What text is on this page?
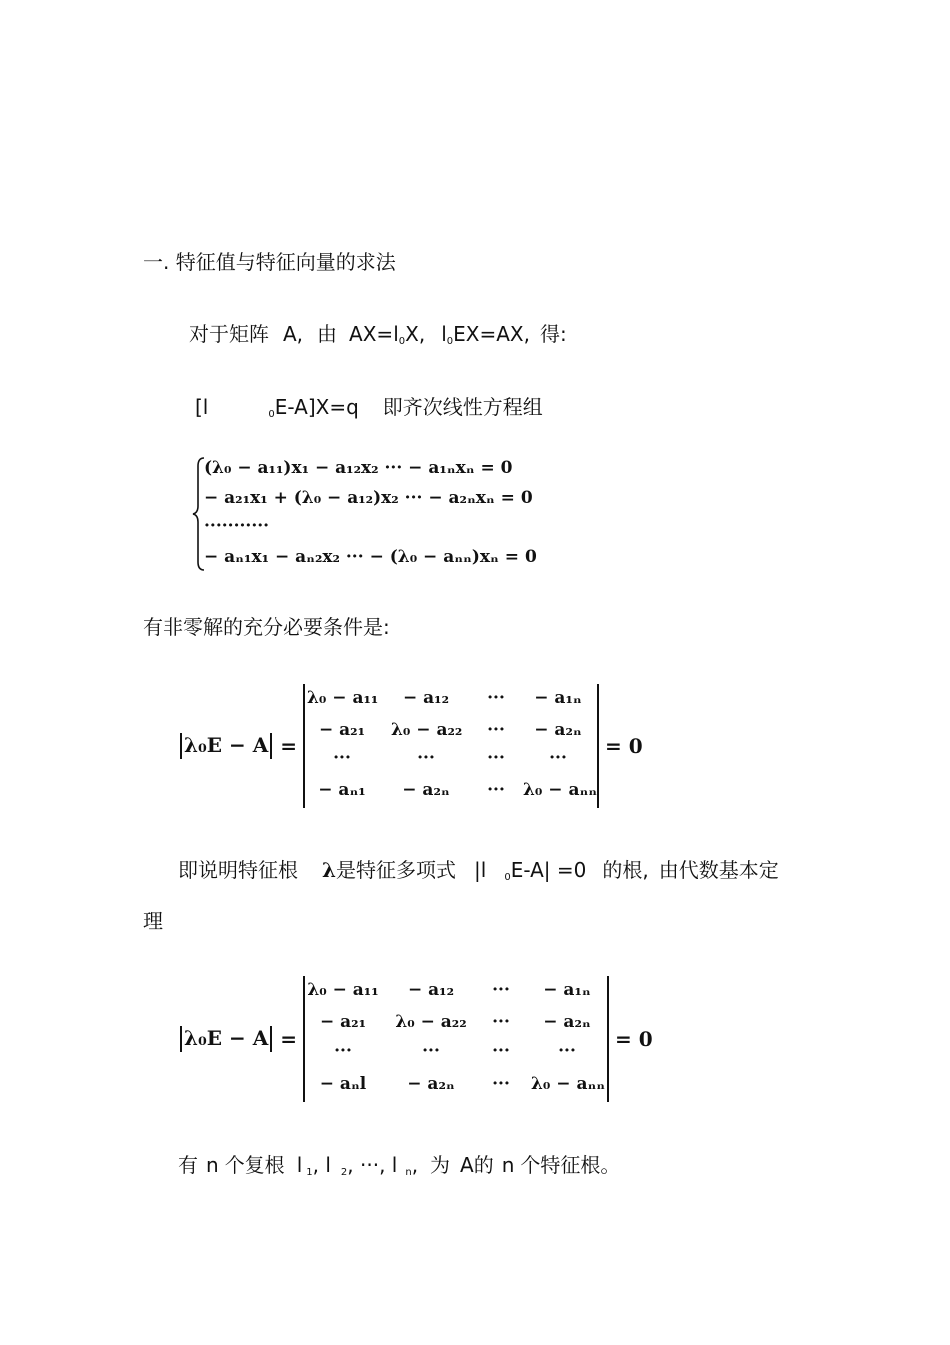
一. 特征值与特征向量的求法
对于矩阵 A, 由 AX=l0X, l0EX=AX, 得:
[l	0E-A]X=q 即齐次线性方程组
(λ₀ − a₁₁)x₁ − a₁₂x₂ ··· − a₁ₙxₙ = 0
− a₂₁x₁ + (λ₀ − a₁₂)x₂ ··· − a₂ₙxₙ = 0
···········
− aₙ₁x₁ − aₙ₂x₂ ··· − (λ₀ − aₙₙ)xₙ = 0
有非零解的充分必要条件是:
λ₀E − A =
λ₀ − a₁₁	− a₁₂	···	− a₁ₙ
− a₂₁	λ₀ − a₂₂	···	− a₂ₙ
···	···	···	···
− aₙ₁	− a₂ₙ	···	λ₀ − aₙₙ
= 0
即说明特征根 λ是特征多项式 |l 0E-A| =0 的根, 由代数基本定
理
λ₀E − A =
λ₀ − a₁₁	− a₁₂	···	− a₁ₙ
− a₂₁	λ₀ − a₂₂	···	− a₂ₙ
···	···	···	···
− aₙl	− a₂ₙ	···	λ₀ − aₙₙ
= 0
有 n 个复根 l 1, l 2, ···, l n, 为 A的 n 个特征根。
